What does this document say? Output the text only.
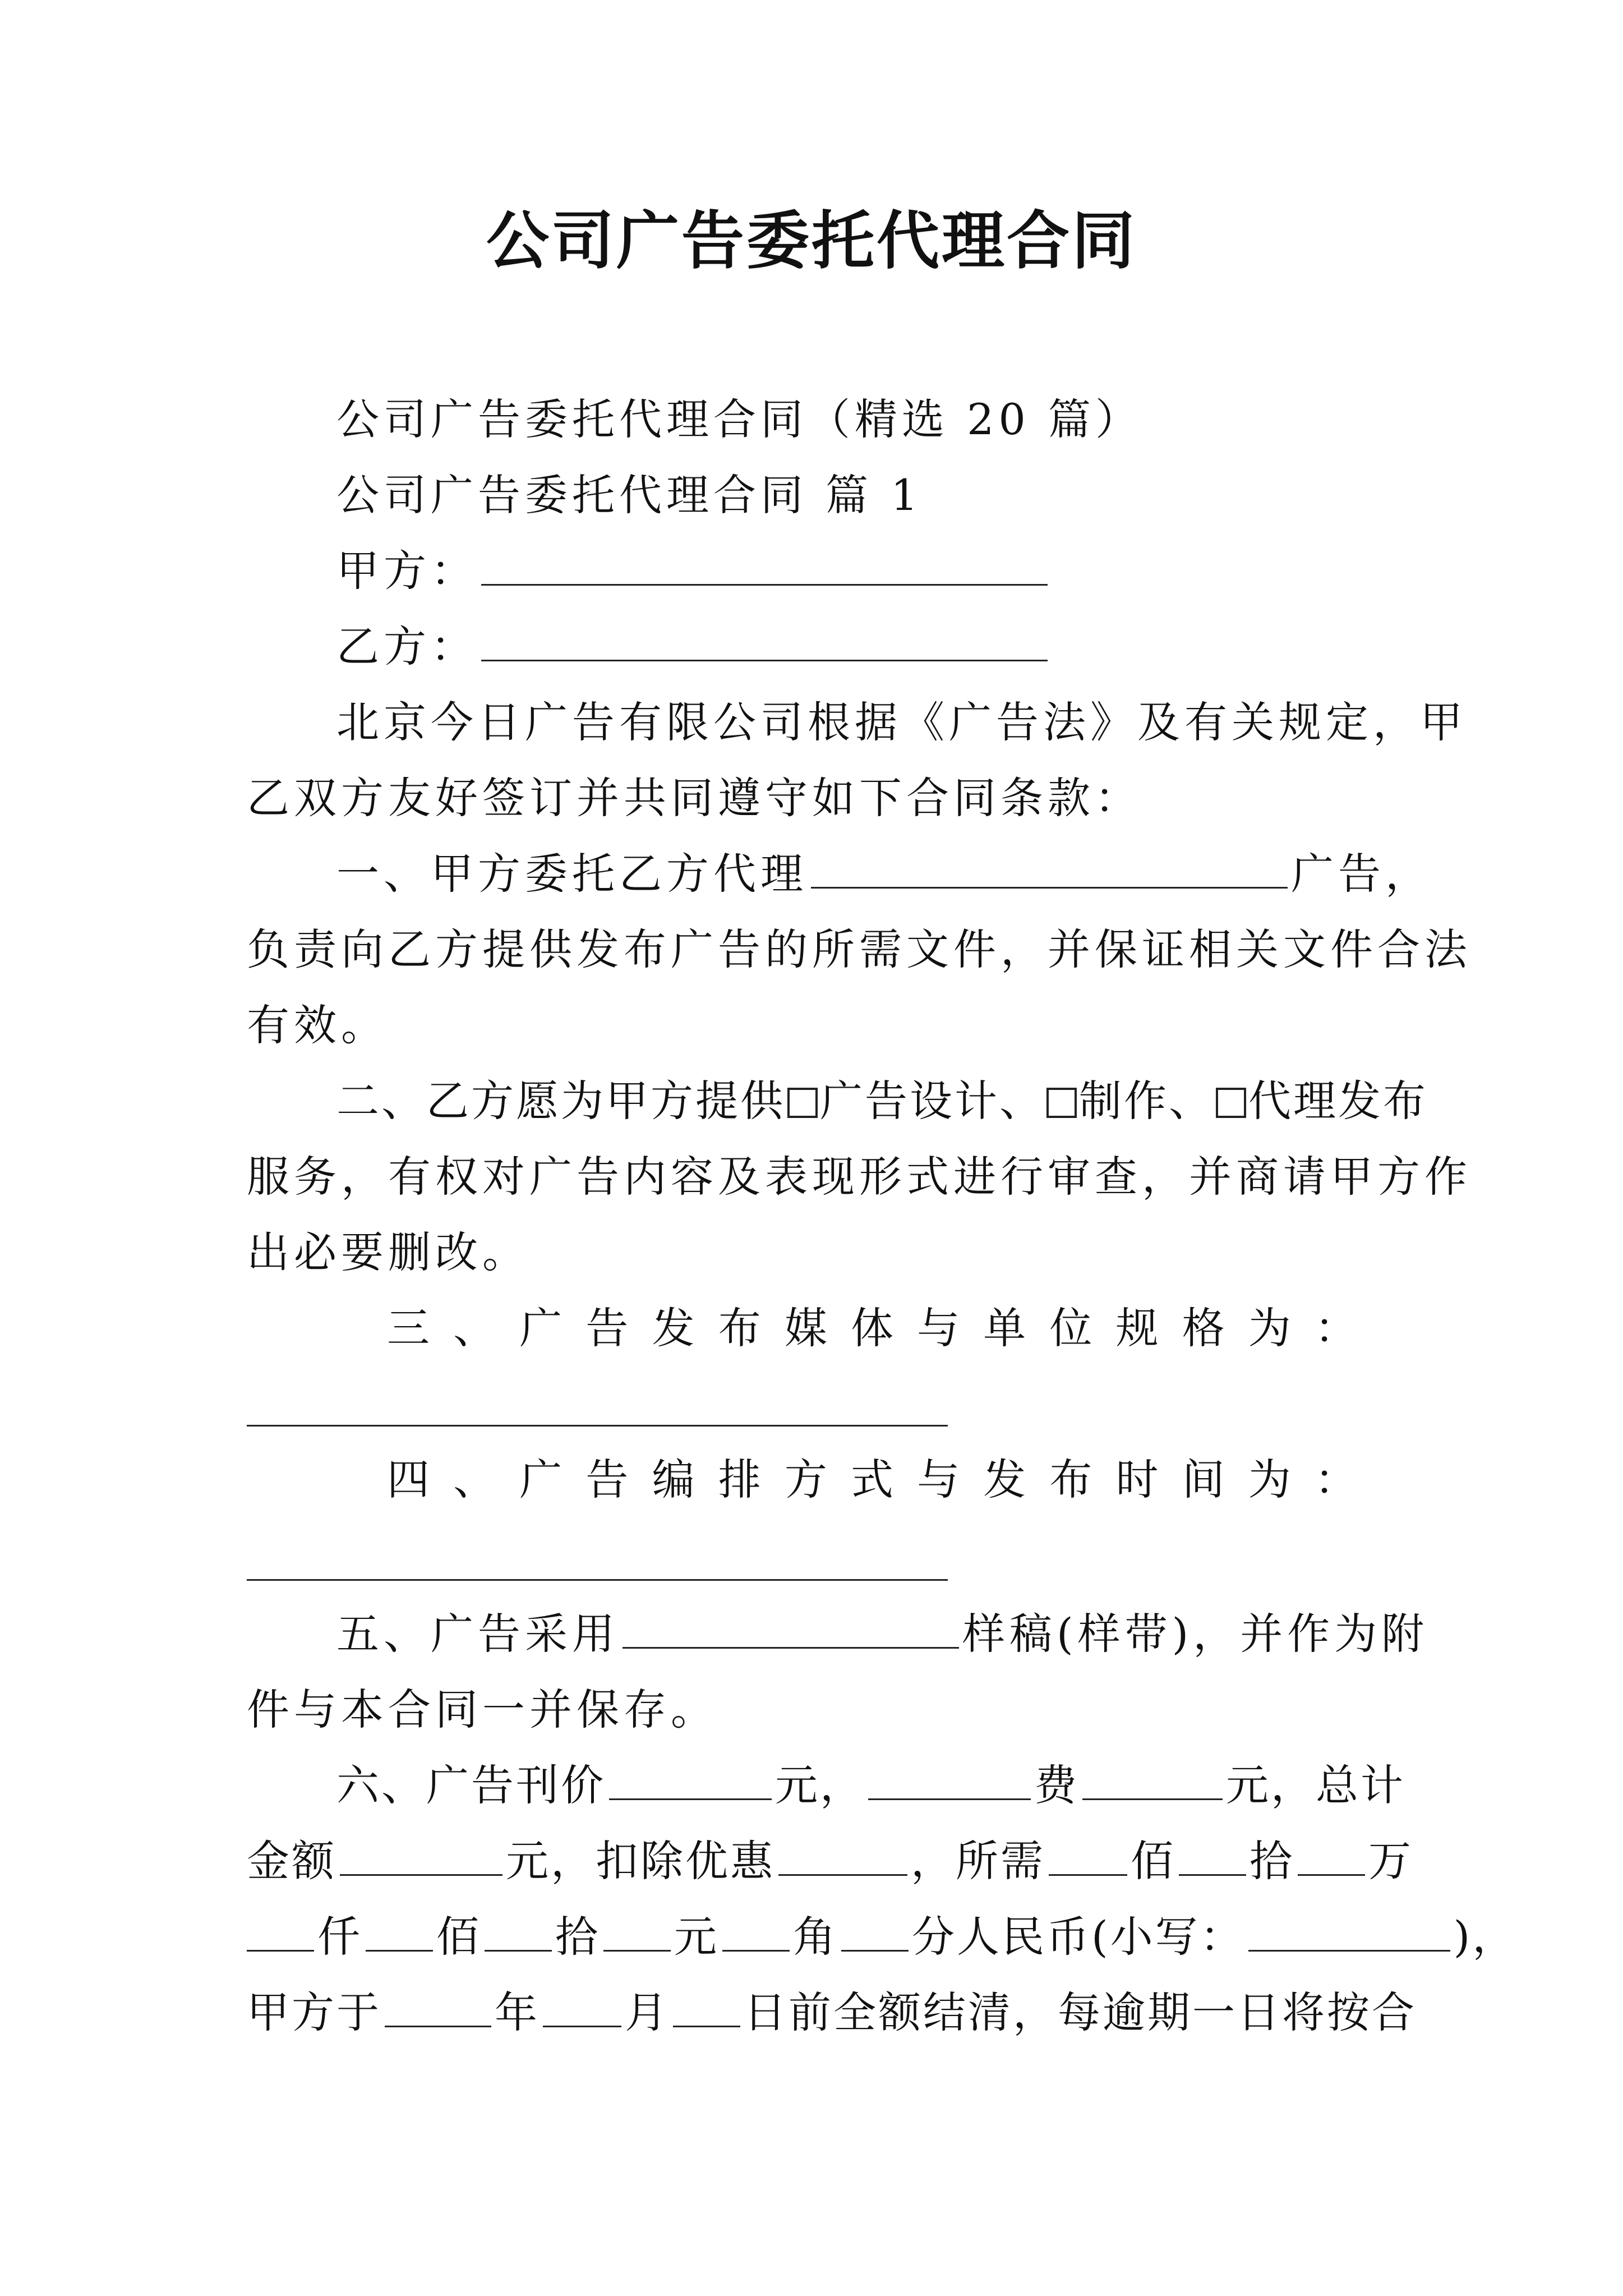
公司广告委托代理合同
公司广告委托代理合同（精选 20 篇）
公司广告委托代理合同 篇 1
甲方：
乙方：
北京今日广告有限公司根据《广告法》及有关规定，甲
乙双方友好签订并共同遵守如下合同条款：
一、甲方委托乙方代理	广告，
负责向乙方提供发布广告的所需文件，并保证相关文件合法
有效。
二、乙方愿为甲方提供 广告设计、 制作、 代理发布
服务，有权对广告内容及表现形式进行审查，并商请甲方作
出必要删改。
三 、 广 告 发 布 媒 体 与 单 位 规 格 为 ：
四 、 广 告 编 排 方 式 与 发 布 时 间 为 ：
五、广告采用	样稿(样带)，并作为附
件与本合同一并保存。
六、广告刊价	元，	费	元，总计
金额	元，扣除优惠	，所需 佰 拾 万
仟 佰 拾 元 角 分人民币(小写：	)，
甲方于	年 月 日前全额结清，每逾期一日将按合
